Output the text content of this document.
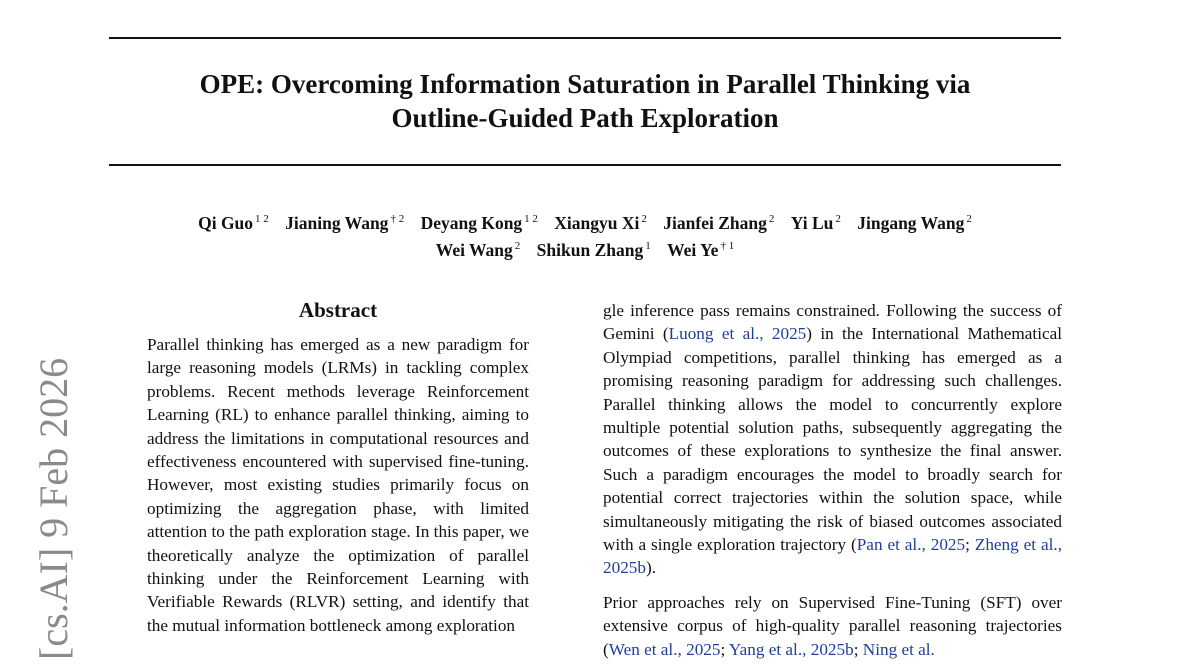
OPE: Overcoming Information Saturation in Parallel Thinking via
Outline-Guided Path Exploration
Qi Guo $^{1 2}$ Jianing Wang $^{\dagger 2}$ Deyang Kong $^{1 2}$ Xiangyu Xi $^2$ Jianfei Zhang $^2$ Yi Lu $^2$ Jingang Wang $^2$
Wei Wang $^2$ Shikun Zhang $^1$ Wei Ye $^{\dagger 1}$
[cs.AI] 9 Feb 2026
Abstract

Parallel thinking has emerged as a new paradigm for large reasoning models (LRMs) in tackling complex problems. Recent methods leverage Reinforcement Learning (RL) to enhance parallel thinking, aiming to address the limitations in computational resources and effectiveness encountered with supervised fine-tuning. However, most existing studies primarily focus on optimizing the aggregation phase, with limited attention to the path exploration stage. In this paper, we theoretically analyze the optimization of parallel thinking under the Reinforcement Learning with Verifiable Rewards (RLVR) setting, and identify that the mutual information bottleneck among exploration

gle inference pass remains constrained. Following the success of Gemini (Luong et al., 2025) in the International Mathematical Olympiad competitions, parallel thinking has emerged as a promising reasoning paradigm for addressing such challenges. Parallel thinking allows the model to concurrently explore multiple potential solution paths, subsequently aggregating the outcomes of these explorations to synthesize the final answer. Such a paradigm encourages the model to broadly search for potential correct trajectories within the solution space, while simultaneously mitigating the risk of biased outcomes associated with a single exploration trajectory (Pan et al., 2025; Zheng et al., 2025b).

Prior approaches rely on Supervised Fine-Tuning (SFT) over extensive corpus of high-quality parallel reasoning trajectories (Wen et al., 2025; Yang et al., 2025b; Ning et al.
